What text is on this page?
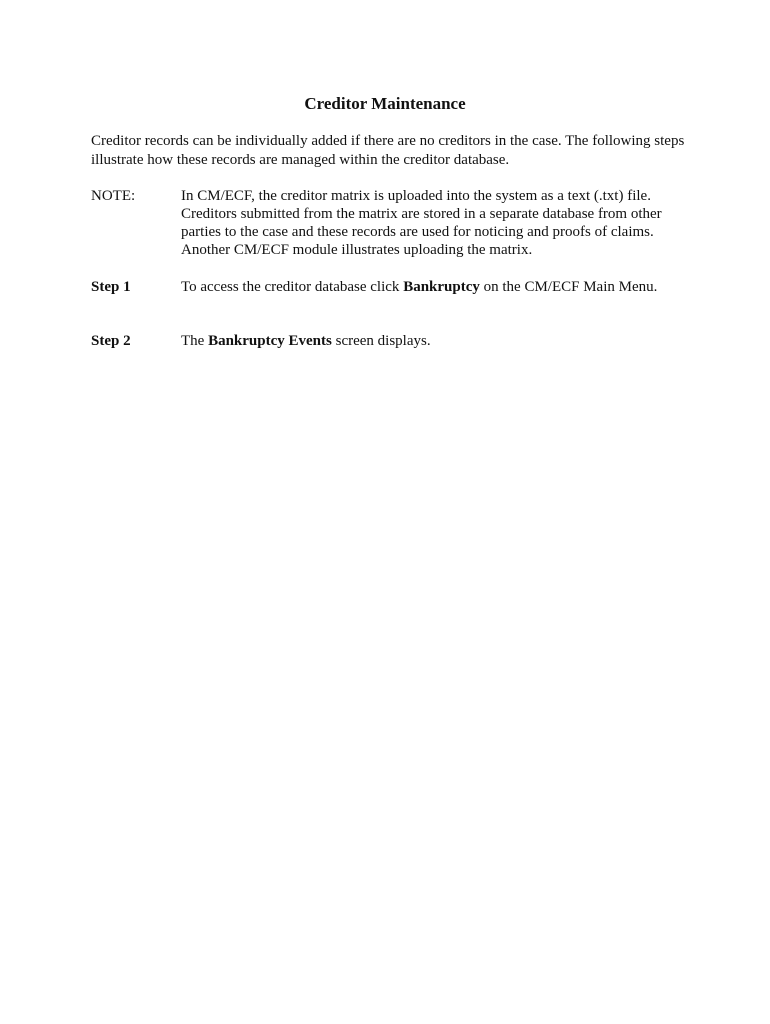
Creditor Maintenance
Creditor records can be individually added if there are no creditors in the case. The following steps illustrate how these records are managed within the creditor database.
NOTE:	In CM/ECF, the creditor matrix is uploaded into the system as a text (.txt) file. Creditors submitted from the matrix are stored in a separate database from other parties to the case and these records are used for noticing and proofs of claims. Another CM/ECF module illustrates uploading the matrix.
Step 1	To access the creditor database click Bankruptcy on the CM/ECF Main Menu.
Step 2	The Bankruptcy Events screen displays.
